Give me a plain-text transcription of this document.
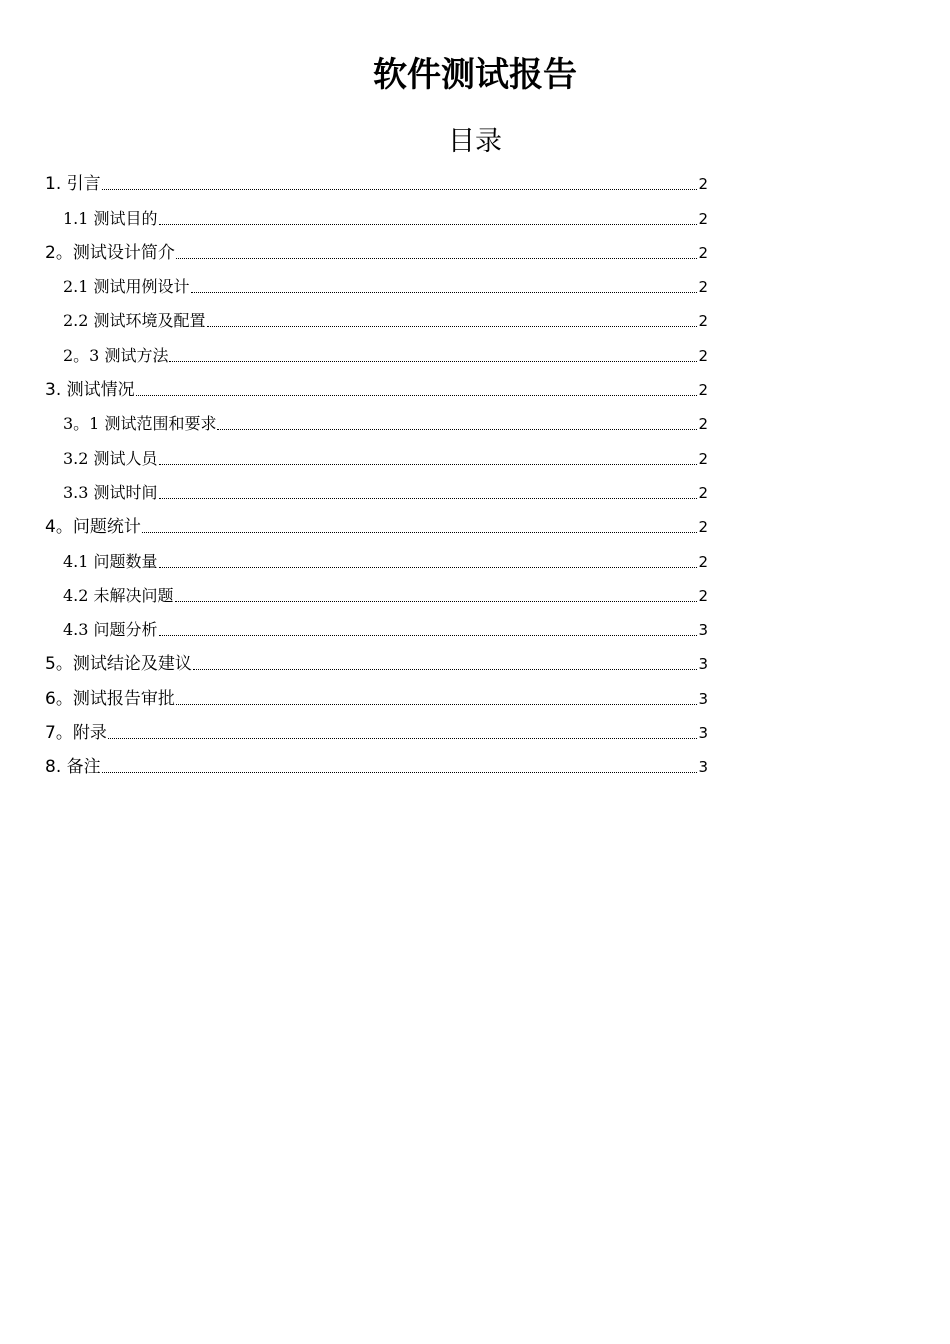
软件测试报告
目录
1. 引言	2
1.1 测试目的	2
2。测试设计简介	2
2.1 测试用例设计	2
2.2 测试环境及配置	2
2。3 测试方法	2
3. 测试情况	2
3。1 测试范围和要求	2
3.2 测试人员	2
3.3 测试时间	2
4。问题统计	2
4.1 问题数量	2
4.2 未解决问题	2
4.3 问题分析	3
5。测试结论及建议	3
6。测试报告审批	3
7。附录	3
8. 备注	3
